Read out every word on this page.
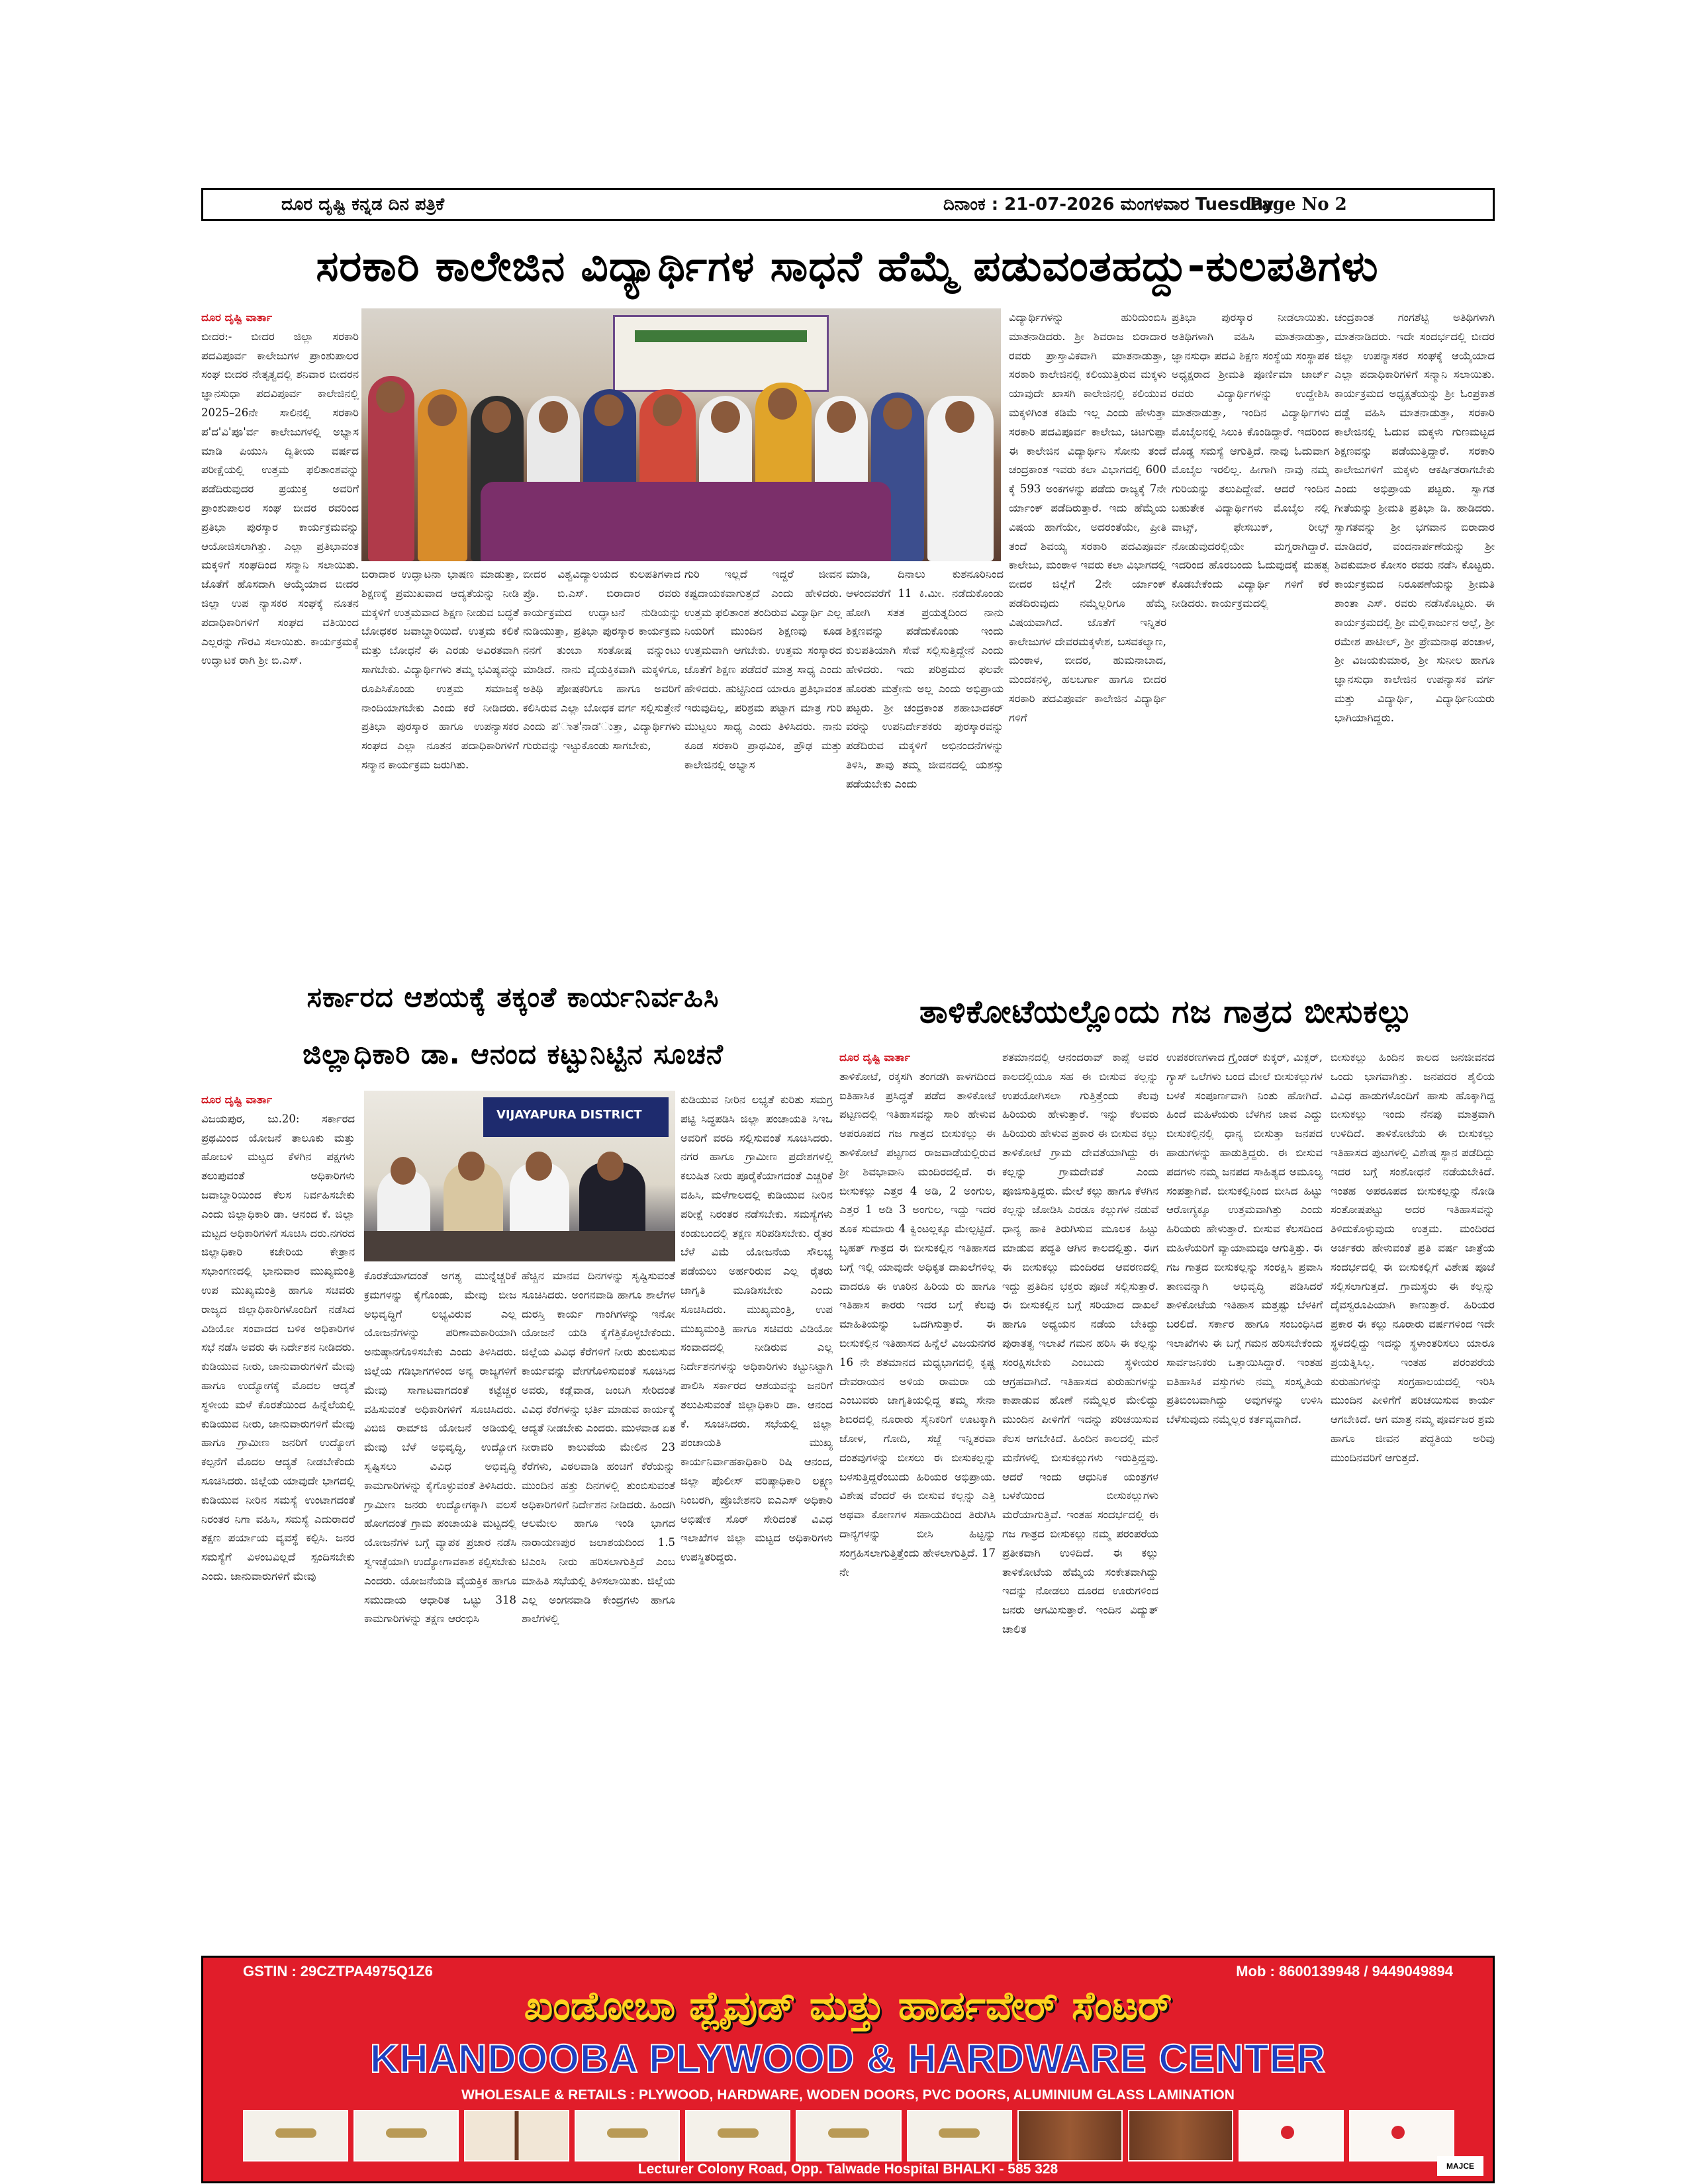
ದೂರ ದೃಷ್ಟಿ ಕನ್ನಡ ದಿನ ಪತ್ರಿಕೆ	ದಿನಾಂಕ : 21-07-2026 ಮಂಗಳವಾರ Tuesday
Page No 2
ಸರಕಾರಿ ಕಾಲೇಜಿನ ವಿದ್ಯಾರ್ಥಿಗಳ ಸಾಧನೆ ಹೆಮ್ಮೆ ಪಡುವಂತಹದ್ದು-ಕುಲಪತಿಗಳು
ದೂರ ದೃಷ್ಟಿ ವಾರ್ತಾ
ಬೀದರ:- ಬೀದರ ಜಿಲ್ಲಾ ಸರಕಾರಿ ಪದವಿಪೂರ್ವ ಕಾಲೇಜುಗಳ ಪ್ರಾಂಶುಪಾಲರ ಸಂಘ ಬೀದರ ನೇತೃತ್ವದಲ್ಲಿ ಶನಿವಾರ ಬೀದರನ ಜ್ಞಾನಸುಧಾ ಪದವಿಪೂರ್ವ ಕಾಲೇಜಿನಲ್ಲಿ 2025–26ನೇ ಸಾಲಿನಲ್ಲಿ ಸರಕಾರಿ ಪ'ದ'ವಿ'ಪೂ'ರ್ವ ಕಾಲೇಜುಗಳಲ್ಲಿ ಅಭ್ಯಾಸ ಮಾಡಿ ಪಿಯುಸಿ ದ್ವಿತೀಯ ವರ್ಷದ ಪರೀಕ್ಷೆಯಲ್ಲಿ ಉತ್ತಮ ಫಲಿತಾಂಶವನ್ನು ಪಡೆದಿರುವುದರ ಪ್ರಯುಕ್ತ ಅವರಿಗೆ ಪ್ರಾಂಶುಪಾಲರ ಸಂಘ ಬೀದರ ರವರಿಂದ ಪ್ರತಿಭಾ ಪುರಸ್ಕಾರ ಕಾರ್ಯಕ್ರಮವನ್ನು ಆಯೋಜಿಸಲಾಗಿತ್ತು. ಎಲ್ಲಾ ಪ್ರತಿಭಾವಂತ ಮಕ್ಕಳಿಗೆ ಸಂಘದಿಂದ ಸನ್ಮಾನಿ ಸಲಾಯಿತು. ಜೊತೆಗೆ ಹೊಸದಾಗಿ ಆಯ್ಕೆಯಾದ ಬೀದರ ಜಿಲ್ಲಾ ಉಪ ನ್ಯಾಸಕರ ಸಂಘಕ್ಕೆ ನೂತನ ಪದಾಧಿಕಾರಿಗಳಿಗೆ ಸಂಘದ ವತಿಯಿಂದ ಎಲ್ಲರನ್ನು ಗೌರವಿ ಸಲಾಯಿತು. ಕಾರ್ಯಕ್ರಮಕ್ಕೆ ಉದ್ಘಾಟಕ ರಾಗಿ ಶ್ರೀ ಬಿ.ಎಸ್.
ಬಿರಾದಾರ ಉದ್ಘಾಟನಾ ಭಾಷಣ ಮಾಡುತ್ತಾ, ಶಿಕ್ಷಣಕ್ಕೆ ಪ್ರಮುಖವಾದ ಆದ್ಯತೆಯನ್ನು ನೀಡಿ ಮಕ್ಕಳಿಗೆ ಉತ್ತಮವಾದ ಶಿಕ್ಷಣ ನೀಡುವ ಬದ್ಧತೆ ಬೋಧಕರ ಜವಾಬ್ದಾರಿಯಿದೆ. ಉತ್ತಮ ಕಲಿಕೆ ಮತ್ತು ಬೋಧನೆ ಈ ಎರಡು ಅವಿರತವಾಗಿ ಸಾಗಬೇಕು. ವಿದ್ಯಾರ್ಥಿಗಳು ತಮ್ಮ ಭವಿಷ್ಯವನ್ನು ರೂಪಿಸಿಕೊಂಡು ಉತ್ತಮ ಸಮಾಜಕ್ಕೆ ನಾಂದಿಯಾಗಬೇಕು ಎಂದು ಕರೆ ನೀಡಿದರು. ಪ್ರತಿಭಾ ಪುರಸ್ಕಾರ ಹಾಗೂ ಉಪನ್ಯಾಸಕರ ಸಂಘದ ಎಲ್ಲಾ ನೂತನ ಪದಾಧಿಕಾರಿಗಳಿಗೆ ಸನ್ಮಾನ ಕಾರ್ಯಕ್ರಮ ಜರುಗಿತು.
ಬೀದರ ವಿಶ್ವವಿದ್ಯಾಲಯದ ಕುಲಪತಿಗಳಾದ ಪ್ರೊ. ಬಿ.ಎಸ್. ಬಿರಾದಾರ ರವರು ಕಾರ್ಯಕ್ರಮದ ಉದ್ಘಾಟನೆ ನುಡಿಯನ್ನು ನುಡಿಯುತ್ತಾ, ಪ್ರತಿಭಾ ಪುರಸ್ಕಾರ ಕಾರ್ಯಕ್ರಮ ನನಗೆ ತುಂಬಾ ಸಂತೋಷ ವನ್ನುಂಟು ಮಾಡಿದೆ. ನಾನು ವೈಯಕ್ತಿಕವಾಗಿ ಮಕ್ಕಳಿಗೂ, ಅತಿಥಿ ಪೋಷಕರಿಗೂ ಹಾಗೂ ಅವರಿಗೆ ಕಲಿಸಿರುವ ಎಲ್ಲಾ ಬೋಧಕ ವರ್ಗ ಸಲ್ಲಿಸುತ್ತೇನೆ ಎಂದು ಪ'ಾತ'ನಾಡ'ುತ್ತಾ, ವಿದ್ಯಾರ್ಥಿಗಳು ಗುರುವನ್ನು ಇಟ್ಟುಕೊಂಡು ಸಾಗಬೇಕು,
ಗುರಿ ಇಲ್ಲದೆ ಇದ್ದರೆ ಜೀವನ ಕಷ್ಟದಾಯಕವಾಗುತ್ತದೆ ಎಂದು ಹೇಳಿದರು. ಉತ್ತಮ ಫಲಿತಾಂಶ ತಂದಿರುವ ವಿದ್ಯಾರ್ಥಿ ಎಲ್ಲ ನಿಯರಿಗೆ ಮುಂದಿನ ಶಿಕ್ಷಣವು ಕೂಡ ಉತ್ತಮವಾಗಿ ಆಗಬೇಕು. ಉತ್ತಮ ಸಂಸ್ಕಾರದ ಜೊತೆಗೆ ಶಿಕ್ಷಣ ಪಡೆದರೆ ಮಾತ್ರ ಸಾಧ್ಯ ಎಂದು ಹೇಳಿದರು. ಹುಟ್ಟಿನಿಂದ ಯಾರೂ ಪ್ರತಿಭಾವಂತ ಇರುವುದಿಲ್ಲ, ಪರಿಶ್ರಮ ಪಟ್ಟಾಗ ಮಾತ್ರ ಗುರಿ ಮುಟ್ಟಲು ಸಾಧ್ಯ ಎಂದು ತಿಳಿಸಿದರು. ನಾನು ಕೂಡ ಸರಕಾರಿ ಪ್ರಾಥಮಿಕ, ಪ್ರೌಢ ಮತ್ತು ಕಾಲೇಜಿನಲ್ಲಿ ಅಭ್ಯಾಸ
ಮಾಡಿ, ದಿನಾಲು ಕುಶನೂರಿನಿಂದ ಆಳಂದವರೆಗೆ 11 ಕಿ.ಮೀ. ನಡೆದುಕೊಂಡು ಹೋಗಿ ಸತತ ಪ್ರಯತ್ನದಿಂದ ನಾನು ಶಿಕ್ಷಣವನ್ನು ಪಡೆದುಕೊಂಡು ಇಂದು ಕುಲಪತಿಯಾಗಿ ಸೇವೆ ಸಲ್ಲಿಸುತ್ತಿದ್ದೇನೆ ಎಂದು ಹೇಳಿದರು. ಇದು ಪರಿಶ್ರಮದ ಫಲವೇ ಹೊರತು ಮತ್ತೇನು ಅಲ್ಲ ಎಂದು ಅಭಿಪ್ರಾಯ ಪಟ್ಟರು. ಶ್ರೀ ಚಂದ್ರಕಾಂತ ಶಹಾಬಾದಕರ್ ವರನ್ನು ಉಪನಿರ್ದೇಶಕರು ಪುರಸ್ಕಾರವನ್ನು ಪಡೆದಿರುವ ಮಕ್ಕಳಿಗೆ ಅಭಿನಂದನೆಗಳನ್ನು ತಿಳಿಸಿ, ತಾವು ತಮ್ಮ ಜೀವನದಲ್ಲಿ ಯಶಸ್ಸು ಪಡೆಯಬೇಕು ಎಂದು
ವಿದ್ಯಾರ್ಥಿಗಳನ್ನು ಹುರಿದುಂಬಿಸಿ ಮಾತನಾಡಿದರು. ಶ್ರೀ ಶಿವರಾಜ ಬಿರಾದಾರ ರವರು ಪ್ರಾಸ್ತಾವಿಕವಾಗಿ ಮಾತನಾಡುತ್ತಾ, ಸರಕಾರಿ ಕಾಲೇಜಿನಲ್ಲಿ ಕಲಿಯುತ್ತಿರುವ ಮಕ್ಕಳು ಯಾವುದೇ ಖಾಸಗಿ ಕಾಲೇಜಿನಲ್ಲಿ ಕಲಿಯುವ ಮಕ್ಕಳಿಗಿಂತ ಕಡಿಮೆ ಇಲ್ಲ ಎಂದು ಹೇಳುತ್ತಾ ಸರಕಾರಿ ಪದವಿಪೂರ್ವ ಕಾಲೇಜು, ಚಿಟಗುಪ್ಪಾ ಈ ಕಾಲೇಜಿನ ವಿದ್ಯಾರ್ಥಿನಿ ಸೋನು ತಂದೆ ಚಂದ್ರಕಾಂತ ಇವರು ಕಲಾ ವಿಭಾಗದಲ್ಲಿ 600 ಕ್ಕೆ 593 ಅಂಕಗಳನ್ನು ಪಡೆದು ರಾಜ್ಯಕ್ಕೆ 7ನೇ ರ್ಯಾಂಕ್ ಪಡೆದಿರುತ್ತಾರೆ. ಇದು ಹೆಮ್ಮೆಯ ವಿಷಯ ಹಾಗೆಯೇ, ಅದರಂತೆಯೇ, ಪ್ರೀತಿ ತಂದೆ ಶಿವಯ್ಯ ಸರಕಾರಿ ಪದವಿಪೂರ್ವ ಕಾಲೇಜು, ಮಂಠಾಳ ಇವರು ಕಲಾ ವಿಭಾಗದಲ್ಲಿ ಬೀದರ ಜಿಲ್ಲೆಗೆ 2ನೇ ರ್ಯಾಂಕ್ ಪಡೆದಿರುವುದು ನಮ್ಮೆಲ್ಲರಿಗೂ ಹೆಮ್ಮೆ ವಿಷಯವಾಗಿದೆ. ಜೊತೆಗೆ ಇನ್ನಿತರ ಕಾಲೇಜುಗಳ ದೇವರಮಕ್ಕಳೇಶ, ಬಸವಕಲ್ಯಾಣ, ಮಂಠಾಳ, ಬೀದರ, ಹುಮನಾಬಾದ, ಮಂದಕನಳ್ಳಿ, ಹಲಬರ್ಗಾ ಹಾಗೂ ಬೀದರ ಸರಕಾರಿ ಪದವಿಪೂರ್ವ ಕಾಲೇಜಿನ ವಿದ್ಯಾರ್ಥಿ ಗಳಿಗೆ
ಪ್ರತಿಭಾ ಪುರಸ್ಕಾರ ನೀಡಲಾಯಿತು. ಅತಿಥಿಗಳಾಗಿ ವಹಿಸಿ ಮಾತನಾಡುತ್ತಾ, ಜ್ಞಾನಸುಧಾ ಪದವಿ ಶಿಕ್ಷಣ ಸಂಸ್ಥೆಯ ಸಂಸ್ಥಾಪಕ ಅಧ್ಯಕ್ಷರಾದ ಶ್ರೀಮತಿ ಪೂರ್ಣಿಮಾ ಜಾರ್ಜ್ ರವರು ವಿದ್ಯಾರ್ಥಿಗಳನ್ನು ಉದ್ದೇಶಿಸಿ ಮಾತನಾಡುತ್ತಾ, ಇಂದಿನ ವಿದ್ಯಾರ್ಥಿಗಳು ಮೊಬೈಲನಲ್ಲಿ ಸಿಲುಕಿ ಕೊಂಡಿದ್ದಾರೆ. ಇದರಿಂದ ದೊಡ್ಡ ಸಮಸ್ಯೆ ಆಗುತ್ತಿದೆ. ನಾವು ಓದುವಾಗ ಮೊಬೈಲ ಇರಲಿಲ್ಲ. ಹೀಗಾಗಿ ನಾವು ನಮ್ಮ ಗುರಿಯನ್ನು ತಲುಪಿದ್ದೇವೆ. ಆದರೆ ಇಂದಿನ ಬಹುತೇಕ ವಿದ್ಯಾರ್ಥಿಗಳು ಮೊಬೈಲ ನಲ್ಲಿ ವಾಟ್ಸ್, ಫೇಸಬುಕ್, ರೀಲ್ಸ್ ನೋಡುವುದರಲ್ಲಿಯೇ ಮಗ್ನರಾಗಿದ್ದಾರೆ. ಇದರಿಂದ ಹೊರಬಂದು ಓದುವುದಕ್ಕೆ ಮಹತ್ವ ಕೊಡಬೇಕೆಂದು ವಿದ್ಯಾರ್ಥಿ ಗಳಿಗೆ ಕರೆ ನೀಡಿದರು. ಕಾರ್ಯಕ್ರಮದಲ್ಲಿ
ಚಂದ್ರಕಾಂತ ಗಂಗಶೆಟ್ಟಿ ಅತಿಥಿಗಳಾಗಿ ಮಾತನಾಡಿದರು. ಇದೇ ಸಂದರ್ಭದಲ್ಲಿ ಬೀದರ ಜಿಲ್ಲಾ ಉಪನ್ಯಾಸಕರ ಸಂಘಕ್ಕೆ ಆಯ್ಕೆಯಾದ ಎಲ್ಲಾ ಪದಾಧಿಕಾರಿಗಳಿಗೆ ಸನ್ಮಾನಿ ಸಲಾಯಿತು. ಕಾರ್ಯಕ್ರಮದ ಅಧ್ಯಕ್ಷತೆಯನ್ನು ಶ್ರೀ ಓಂಪ್ರಕಾಶ ದಡ್ಡೆ ವಹಿಸಿ ಮಾತನಾಡುತ್ತಾ, ಸರಕಾರಿ ಕಾಲೇಜಿನಲ್ಲಿ ಓದುವ ಮಕ್ಕಳು ಗುಣಮಟ್ಟದ ಶಿಕ್ಷಣವನ್ನು ಪಡೆಯುತ್ತಿದ್ದಾರೆ. ಸರಕಾರಿ ಕಾಲೇಜುಗಳಿಗೆ ಮಕ್ಕಳು ಆಕರ್ಷಿತರಾಗಬೇಕು ಎಂದು ಅಭಿಪ್ರಾಯ ಪಟ್ಟರು. ಸ್ವಾಗತ ಗೀತೆಯನ್ನು ಶ್ರೀಮತಿ ಪ್ರತಿಭಾ ಡಿ. ಹಾಡಿದರು. ಸ್ವಾಗತವನ್ನು ಶ್ರೀ ಭಗವಾನ ಬಿರಾದಾರ ಮಾಡಿದರೆ, ವಂದನಾರ್ಪಣೆಯನ್ನು ಶ್ರೀ ಶಿವಕುಮಾರ ಕೋಸಂ ರವರು ನಡೆಸಿ ಕೊಟ್ಟರು. ಕಾರ್ಯಕ್ರಮದ ನಿರೂಪಣೆಯನ್ನು ಶ್ರೀಮತಿ ಶಾಂತಾ ಎಸ್. ರವರು ನಡೆಸಿಕೊಟ್ಟರು. ಈ ಕಾರ್ಯಕ್ರಮದಲ್ಲಿ ಶ್ರೀ ಮಲ್ಲಿಕಾರ್ಜುನ ಅಲ್ಲೆ, ಶ್ರೀ ರಮೇಶ ಪಾಟೀಲ್, ಶ್ರೀ ಪ್ರೇಮನಾಥ ಪಂಚಾಳ, ಶ್ರೀ ವಿಜಯಕುಮಾರ, ಶ್ರೀ ಸುನೀಲ ಹಾಗೂ ಜ್ಞಾನಸುಧಾ ಕಾಲೇಜಿನ ಉಪನ್ಯಾಸಕ ವರ್ಗ ಮತ್ತು ವಿದ್ಯಾರ್ಥಿ, ವಿದ್ಯಾರ್ಥಿನಿಯರು ಭಾಗಿಯಾಗಿದ್ದರು.
ಸರ್ಕಾರದ ಆಶಯಕ್ಕೆ ತಕ್ಕಂತೆ ಕಾರ್ಯನಿರ್ವಹಿಸಿ
ಜಿಲ್ಲಾಧಿಕಾರಿ ಡಾ. ಆನಂದ ಕಟ್ಟುನಿಟ್ಟಿನ ಸೂಚನೆ
ದೂರ ದೃಷ್ಟಿ ವಾರ್ತಾ
ವಿಜಯಪುರ, ಜು.20: ಸರ್ಕಾರದ ಪ್ರಥಮಿಂದ ಯೋಜನೆ ತಾಲೂಕು ಮತ್ತು ಹೋಬಳಿ ಮಟ್ಟದ ಕೆಳಗಿನ ಪಕ್ಷಗಳು ತಲುಪುವಂತೆ ಅಧಿಕಾರಿಗಳು ಜವಾಬ್ದಾರಿಯಿಂದ ಕೆಲಸ ನಿರ್ವಹಿಸಬೇಕು ಎಂದು ಜಿಲ್ಲಾಧಿಕಾರಿ ಡಾ. ಆನಂದ ಕೆ. ಜಿಲ್ಲಾ ಮಟ್ಟದ ಅಧಿಕಾರಿಗಳಿಗೆ ಸೂಚಿಸಿ ದರು.ನಗರದ ಜಿಲ್ಲಾಧಿಕಾರಿ ಕಚೇರಿಯ ಕೇತ್ರಾನ ಸಭಾಂಗಣದಲ್ಲಿ ಭಾನುವಾರ ಮುಖ್ಯಮಂತ್ರಿ ಉಪ ಮುಖ್ಯಮಂತ್ರಿ ಹಾಗೂ ಸಚಿವರು ರಾಜ್ಯದ ಜಿಲ್ಲಾಧಿಕಾರಿಗಳೊಂದಿಗೆ ನಡೆಸಿದ ವಿಡಿಯೋ ಸಂವಾದದ ಬಳಿಕ ಅಧಿಕಾರಿಗಳ ಸಭೆ ನಡೆಸಿ ಅವರು ಈ ನಿರ್ದೇಶನ ನೀಡಿದರು. ಕುಡಿಯುವ ನೀರು, ಜಾನುವಾರುಗಳಿಗೆ ಮೇವು ಹಾಗೂ ಉದ್ಯೋಗಕ್ಕೆ ಮೊದಲ ಆದ್ಯತೆ ಸ್ಥಳೀಯ ಮಳೆ ಕೊರತೆಯಿಂದ ಹಿನ್ನೆಲೆಯಲ್ಲಿ ಕುಡಿಯುವ ನೀರು, ಜಾನುವಾರುಗಳಿಗೆ ಮೇವು ಹಾಗೂ ಗ್ರಾಮೀಣ ಜನರಿಗೆ ಉದ್ಯೋಗ ಕಲ್ಪನೆಗೆ ಮೊದಲ ಆದ್ಯತೆ ನೀಡಬೇಕೆಂದು ಸೂಚಿಸಿದರು. ಜಿಲ್ಲೆಯ ಯಾವುದೇ ಭಾಗದಲ್ಲಿ ಕುಡಿಯುವ ನೀರಿನ ಸಮಸ್ಯೆ ಉಂಟಾಗದಂತೆ ನಿರಂತರ ನಿಗಾ ವಹಿಸಿ, ಸಮಸ್ಯೆ ಎದುರಾದರೆ ತಕ್ಷಣ ಪರ್ಯಾಯ ವ್ಯವಸ್ಥೆ ಕಲ್ಪಿಸಿ. ಜನರ ಸಮಸ್ಯೆಗೆ ವಿಳಂಬವಿಲ್ಲದೆ ಸ್ಪಂದಿಸಬೇಕು ಎಂದು. ಜಾನುವಾರುಗಳಿಗೆ ಮೇವು
VIJAYAPURA DISTRICT
ಕೊರತೆಯಾಗದಂತೆ ಅಗತ್ಯ ಮುನ್ನೆಚ್ಚರಿಕೆ ಕ್ರಮಗಳನ್ನು ಕೈಗೊಂಡು, ಮೇವು ಬೀಜ ಅಭಿವೃದ್ಧಿಗೆ ಲಭ್ಯವಿರುವ ಎಲ್ಲ ಯೋಜನೆಗಳನ್ನು ಪರಿಣಾಮಕಾರಿಯಾಗಿ ಅನುಷ್ಠಾನಗೊಳಿಸಬೇಕು ಎಂದು ತಿಳಿಸಿದರು. ಜಿಲ್ಲೆಯ ಗಡಿಭಾಗಗಳಿಂದ ಅನ್ಯ ರಾಜ್ಯಗಳಿಗೆ ಮೇವು ಸಾಗಾಟವಾಗದಂತೆ ಕಟ್ಟೆಚ್ಚರ ವಹಿಸುವಂತೆ ಅಧಿಕಾರಿಗಳಿಗೆ ಸೂಚಿಸಿದರು. ವಿಬಿಜಿ ರಾಮ್‌ಜಿ ಯೋಜನೆ ಅಡಿಯಲ್ಲಿ ಮೇವು ಬೆಳೆ ಅಭಿವೃದ್ಧಿ, ಉದ್ಯೋಗ ಸೃಷ್ಟಿಸಲು ವಿವಿಧ ಅಭಿವೃದ್ಧಿ ಕಾಮಗಾರಿಗಳನ್ನು ಕೈಗೊಳ್ಳುವಂತೆ ತಿಳಿಸಿದರು. ಗ್ರಾಮೀಣ ಜನರು ಉದ್ಯೋಗಕ್ಕಾಗಿ ವಲಸೆ ಹೋಗದಂತೆ ಗ್ರಾಮ ಪಂಚಾಯತಿ ಮಟ್ಟದಲ್ಲಿ ಯೋಜನೆಗಳ ಬಗ್ಗೆ ವ್ಯಾಪಕ ಪ್ರಚಾರ ನಡೆಸಿ ಸ್ವಇಚ್ಛೆಯಾಗಿ ಉದ್ಯೋಗಾವಕಾಶ ಕಲ್ಪಿಸಬೇಕು ಎಂದರು. ಯೋಜನೆಯಡಿ ವೈಯಕ್ತಿಕ ಹಾಗೂ ಸಮುದಾಯ ಆಧಾರಿತ ಒಟ್ಟು 318 ಕಾಮಗಾರಿಗಳನ್ನು ತಕ್ಷಣ ಆರಂಭಿಸಿ
ಹೆಚ್ಚಿನ ಮಾನವ ದಿನಗಳನ್ನು ಸೃಷ್ಟಿಸುವಂತೆ ಸೂಚಿಸಿದರು. ಅಂಗನವಾಡಿ ಹಾಗೂ ಶಾಲೆಗಳ ದುರಸ್ತಿ ಕಾರ್ಯ ಗಾಂಗಿಗಳನ್ನು ಇನೋ ಯೋಜನೆ ಯಡಿ ಕೈಗೆತ್ತಿಕೊಳ್ಳಬೇಕೆಂದು. ಜಿಲ್ಲೆಯ ವಿವಿಧ ಕೆರೆಗಳಿಗೆ ನೀರು ತುಂಬಿಸುವ ಕಾರ್ಯವನ್ನು ವೇಗಗೊಳಿಸುವಂತೆ ಸೂಚಿಸಿದ ಅವರು, ಕಡ್ಲೆವಾಡ, ಜಂಬಗಿ ಸೇರಿದಂತೆ ವಿವಿಧ ಕೆರೆಗಳನ್ನು ಭರ್ತಿ ಮಾಡುವ ಕಾರ್ಯಕ್ಕೆ ಆದ್ಯತೆ ನೀಡಬೇಕು ಎಂದರು. ಮುಳವಾಡ ಏತ ನೀರಾವರಿ ಕಾಲುವೆಯ ಮೇಲಿನ 23 ಕೆರೆಗಳು, ವಿಠಲವಾಡಿ ಹಂಚಿಗೆ ಕೆರೆಯನ್ನು ಮುಂದಿನ ಹತ್ತು ದಿನಗಳಲ್ಲಿ ತುಂಬಿಸುವಂತೆ ಅಧಿಕಾರಿಗಳಿಗೆ ನಿರ್ದೇಶನ ನೀಡಿದರು. ಹಿಂದಗಿ ಆಲಮೇಲ ಹಾಗೂ ಇಂಡಿ ಭಾಗದ ನಾರಾಯಣಪುರ ಜಲಾಶಯದಿಂದ 1.5 ಟಿಎಂಸಿ ನೀರು ಹರಿಸಲಾಗುತ್ತಿದೆ ಎಂಬ ಮಾಹಿತಿ ಸಭೆಯಲ್ಲಿ ತಿಳಿಸಲಾಯಿತು. ಜಿಲ್ಲೆಯ ಎಲ್ಲ ಅಂಗನವಾಡಿ ಕೇಂದ್ರಗಳು ಹಾಗೂ ಶಾಲೆಗಳಲ್ಲಿ
ಕುಡಿಯುವ ನೀರಿನ ಲಭ್ಯತೆ ಕುರಿತು ಸಮಗ್ರ ಪಟ್ಟಿ ಸಿದ್ಧಪಡಿಸಿ ಜಿಲ್ಲಾ ಪಂಚಾಯತಿ ಸಿಇಒ ಅವರಿಗೆ ವರದಿ ಸಲ್ಲಿಸುವಂತೆ ಸೂಚಿಸಿದರು. ನಗರ ಹಾಗೂ ಗ್ರಾಮೀಣ ಪ್ರದೇಶಗಳಲ್ಲಿ ಕಲುಷಿತ ನೀರು ಪೂರೈಕೆಯಾಗದಂತೆ ಎಚ್ಚರಿಕೆ ವಹಿಸಿ, ಮಳೆಗಾಲದಲ್ಲಿ ಕುಡಿಯುವ ನೀರಿನ ಪರೀಕ್ಷೆ ನಿರಂತರ ನಡೆಸಬೇಕು. ಸಮಸ್ಯೆಗಳು ಕಂಡುಬಂದಲ್ಲಿ ತಕ್ಷಣ ಸರಿಪಡಿಸಬೇಕು. ರೈತರ ಬೆಳೆ ವಿಮೆ ಯೋಜನೆಯ ಸೌಲಭ್ಯ ಪಡೆಯಲು ಅರ್ಹರಿರುವ ಎಲ್ಲ ರೈತರು ಜಾಗೃತಿ ಮೂಡಿಸಬೇಕು ಎಂದು ಸೂಚಿಸಿದರು. ಮುಖ್ಯಮಂತ್ರಿ, ಉಪ ಮುಖ್ಯಮಂತ್ರಿ ಹಾಗೂ ಸಚಿವರು ವಿಡಿಯೋ ಸಂವಾದದಲ್ಲಿ ನೀಡಿರುವ ಎಲ್ಲ ನಿರ್ದೇಶನಗಳನ್ನು ಅಧಿಕಾರಿಗಳು ಕಟ್ಟುನಿಟ್ಟಾಗಿ ಪಾಲಿಸಿ ಸರ್ಕಾರದ ಆಶಯವನ್ನು ಜನರಿಗೆ ತಲುಪಿಸುವಂತೆ ಜಿಲ್ಲಾಧಿಕಾರಿ ಡಾ. ಆನಂದ ಕೆ. ಸೂಚಿಸಿದರು. ಸಭೆಯಲ್ಲಿ ಜಿಲ್ಲಾ ಪಂಚಾಯತಿ ಮುಖ್ಯ ಕಾರ್ಯನಿರ್ವಾಹಕಾಧಿಕಾರಿ ರಿಷಿ ಆನಂದ, ಜಿಲ್ಲಾ ಪೊಲೀಸ್ ವರಿಷ್ಠಾಧಿಕಾರಿ ಲಕ್ಷ್ಮಣ ನಿಂಬರಗಿ, ಪ್ರೊಬೇಶನರಿ ಐಎಎಸ್ ಅಧಿಕಾರಿ ಅಭಿಷೇಕ ಸೊರ್ ಸೇರಿದಂತೆ ವಿವಿಧ ಇಲಾಖೆಗಳ ಜಿಲ್ಲಾ ಮಟ್ಟದ ಅಧಿಕಾರಿಗಳು ಉಪಸ್ಥಿತರಿದ್ದರು.
ತಾಳಿಕೋಟೆಯಲ್ಲೊಂದು ಗಜ ಗಾತ್ರದ ಬೀಸುಕಲ್ಲು
ದೂರ ದೃಷ್ಟಿ ವಾರ್ತಾ
ತಾಳಿಕೋಟೆ, ರಕ್ಕಸಗಿ ತಂಗಡಗಿ ಕಾಳಗದಿಂದ ಐತಿಹಾಸಿಕ ಪ್ರಸಿದ್ಧತೆ ಪಡೆದ ತಾಳಿಕೋಟೆ ಪಟ್ಟಣದಲ್ಲಿ ಇತಿಹಾಸವನ್ನು ಸಾರಿ ಹೇಳುವ ಅಪರೂಪದ ಗಜ ಗಾತ್ರದ ಬೀಸುಕಲ್ಲು ಈ ತಾಳಿಕೋಟೆ ಪಟ್ಟಣದ ರಾಜವಾಡೆಯಲ್ಲಿರುವ ಶ್ರೀ ಶಿವಭಾವಾನಿ ಮಂದಿರದಲ್ಲಿದೆ. ಈ ಬೀಸುಕಲ್ಲು ಎತ್ತರ 4 ಅಡಿ, 2 ಅಂಗುಲ, ಎತ್ತರ 1 ಅಡಿ 3 ಅಂಗುಲ, ಇದ್ದು ಇದರ ತೂಕ ಸುಮಾರು 4 ಕ್ವಿಂಟಲ್ಲಕ್ಕೂ ಮೇಲ್ಪಟ್ಟಿದೆ. ಬೃಹತ್ ಗಾತ್ರದ ಈ ಬೀಸುಕಲ್ಲಿನ ಇತಿಹಾಸದ ಬಗ್ಗೆ ಇಲ್ಲಿ ಯಾವುದೇ ಅಧಿಕೃತ ದಾಖಲೆಗಳಿಲ್ಲ ವಾದರೂ ಈ ಊರಿನ ಹಿರಿಯ ರು ಹಾಗೂ ಇತಿಹಾಸ ಕಾರರು ಇದರ ಬಗ್ಗೆ ಕೆಲವು ಮಾಹಿತಿಯನ್ನು ಒದಗಿಸುತ್ತಾರೆ. ಈ ಬೀಸುಕಲ್ಲಿನ ಇತಿಹಾಸದ ಹಿನ್ನೆಲೆ ವಿಜಯನಗರ 16 ನೇ ಶತಮಾನದ ಮಧ್ಯಭಾಗದಲ್ಲಿ ಕೃಷ್ಣ ದೇವರಾಯನ ಅಳಿಯ ರಾಮರಾ ಯ ಎಂಬುವರು ಜಾಗೃತಿಯಲ್ಲಿದ್ದ ತಮ್ಮ ಸೇನಾ ಶಿಬಿರದಲ್ಲಿ ನೂರಾರು ಸೈನಿಕರಿಗೆ ಊಟಕ್ಕಾಗಿ ಜೋಳ, ಗೋದಿ, ಸಜ್ಜೆ ಇನ್ನಿತರವಾ ದಂತವುಗಳನ್ನು ಬೀಸಲು ಈ ಬೀಸುಕಲ್ಲನ್ನು ಬಳಸುತ್ತಿದ್ದರೆಂಬುದು ಹಿರಿಯರ ಅಭಿಪ್ರಾಯ. ವಿಶೇಷ ವೆಂದರೆ ಈ ಬೀಸುವ ಕಲ್ಲನ್ನು ಎತ್ತಿ ಅಥವಾ ಕೋಣಗಳ ಸಹಾಯದಿಂದ ತಿರುಗಿಸಿ ದಾನ್ಯಗಳನ್ನು ಬೀಸಿ ಹಿಟ್ಟನ್ನು ಸಂಗ್ರಹಿಸಲಾಗುತ್ತಿತ್ತೆಂದು ಹೇಳಲಾಗುತ್ತಿದೆ. 17 ನೇ
ಶತಮಾನದಲ್ಲಿ ಆನಂದರಾವ್ ಕಾಪ್ಸೆ ಅವರ ಕಾಲದಲ್ಲಿಯೂ ಸಹ ಈ ಬೀಸುವ ಕಲ್ಲನ್ನು ಉಪಯೋಗಿಸಲಾ ಗುತ್ತಿತ್ತೆಂದು ಕೆಲವು ಹಿರಿಯರು ಹೇಳುತ್ತಾರೆ. ಇನ್ನು ಕೆಲವರು ಹಿರಿಯರು ಹೇಳುವ ಪ್ರಕಾರ ಈ ಬೀಸುವ ಕಲ್ಲು ತಾಳಿಕೋಟೆ ಗ್ರಾಮ ದೇವತೆಯಾಗಿದ್ದು ಈ ಕಲ್ಲನ್ನು ಗ್ರಾಮದೇವತೆ ಎಂದು ಪೂಜಿಸುತ್ತಿದ್ದರು. ಮೇಲೆ ಕಲ್ಲು ಹಾಗೂ ಕೆಳಗಿನ ಕಲ್ಲನ್ನು ಜೋಡಿಸಿ ಎರಡೂ ಕಲ್ಲುಗಳ ನಡುವೆ ಧಾನ್ಯ ಹಾಕಿ ತಿರುಗಿಸುವ ಮೂಲಕ ಹಿಟ್ಟು ಮಾಡುವ ಪದ್ಧತಿ ಆಗಿನ ಕಾಲದಲ್ಲಿತ್ತು. ಈಗ ಈ ಬೀಸುಕಲ್ಲು ಮಂದಿರದ ಆವರಣದಲ್ಲಿ ಇದ್ದು ಪ್ರತಿದಿನ ಭಕ್ತರು ಪೂಜೆ ಸಲ್ಲಿಸುತ್ತಾರೆ. ಈ ಬೀಸುಕಲ್ಲಿನ ಬಗ್ಗೆ ಸರಿಯಾದ ದಾಖಲೆ ಹಾಗೂ ಅಧ್ಯಯನ ನಡೆಯ ಬೇಕಿದ್ದು ಪುರಾತತ್ವ ಇಲಾಖೆ ಗಮನ ಹರಿಸಿ ಈ ಕಲ್ಲನ್ನು ಸಂರಕ್ಷಿಸಬೇಕು ಎಂಬುದು ಸ್ಥಳೀಯರ ಆಗ್ರಹವಾಗಿದೆ. ಇತಿಹಾಸದ ಕುರುಹುಗಳನ್ನು ಕಾಪಾಡುವ ಹೊಣೆ ನಮ್ಮೆಲ್ಲರ ಮೇಲಿದ್ದು ಮುಂದಿನ ಪೀಳಿಗೆಗೆ ಇದನ್ನು ಪರಿಚಯಿಸುವ ಕೆಲಸ ಆಗಬೇಕಿದೆ. ಹಿಂದಿನ ಕಾಲದಲ್ಲಿ ಮನೆ ಮನೆಗಳಲ್ಲಿ ಬೀಸುಕಲ್ಲುಗಳು ಇರುತ್ತಿದ್ದವು. ಆದರೆ ಇಂದು ಆಧುನಿಕ ಯಂತ್ರಗಳ ಬಳಕೆಯಿಂದ ಬೀಸುಕಲ್ಲುಗಳು ಮರೆಯಾಗುತ್ತಿವೆ. ಇಂತಹ ಸಂದರ್ಭದಲ್ಲಿ ಈ ಗಜ ಗಾತ್ರದ ಬೀಸುಕಲ್ಲು ನಮ್ಮ ಪರಂಪರೆಯ ಪ್ರತೀಕವಾಗಿ ಉಳಿದಿದೆ. ಈ ಕಲ್ಲು ತಾಳಿಕೋಟೆಯ ಹೆಮ್ಮೆಯ ಸಂಕೇತವಾಗಿದ್ದು ಇದನ್ನು ನೋಡಲು ದೂರದ ಊರುಗಳಿಂದ ಜನರು ಆಗಮಿಸುತ್ತಾರೆ. ಇಂದಿನ ವಿದ್ಯುತ್ ಚಾಲಿತ
ಉಪಕರಣಗಳಾದ ಗ್ರೈಂಡರ್ ಕುಕ್ಕರ್, ಮಿಕ್ಸರ್, ಗ್ಯಾಸ್ ಒಲೆಗಳು ಬಂದ ಮೇಲೆ ಬೀಸುಕಲ್ಲುಗಳ ಬಳಕೆ ಸಂಪೂರ್ಣವಾಗಿ ನಿಂತು ಹೋಗಿದೆ. ಹಿಂದೆ ಮಹಿಳೆಯರು ಬೆಳಗಿನ ಜಾವ ಎದ್ದು ಬೀಸುಕಲ್ಲಿನಲ್ಲಿ ಧಾನ್ಯ ಬೀಸುತ್ತಾ ಜನಪದ ಹಾಡುಗಳನ್ನು ಹಾಡುತ್ತಿದ್ದರು. ಈ ಬೀಸುವ ಪದಗಳು ನಮ್ಮ ಜನಪದ ಸಾಹಿತ್ಯದ ಅಮೂಲ್ಯ ಸಂಪತ್ತಾಗಿವೆ. ಬೀಸುಕಲ್ಲಿನಿಂದ ಬೀಸಿದ ಹಿಟ್ಟು ಆರೋಗ್ಯಕ್ಕೂ ಉತ್ತಮವಾಗಿತ್ತು ಎಂದು ಹಿರಿಯರು ಹೇಳುತ್ತಾರೆ. ಬೀಸುವ ಕೆಲಸದಿಂದ ಮಹಿಳೆಯರಿಗೆ ವ್ಯಾಯಾಮವೂ ಆಗುತ್ತಿತ್ತು. ಈ ಗಜ ಗಾತ್ರದ ಬೀಸುಕಲ್ಲನ್ನು ಸಂರಕ್ಷಿಸಿ ಪ್ರವಾಸಿ ತಾಣವನ್ನಾಗಿ ಅಭಿವೃದ್ಧಿ ಪಡಿಸಿದರೆ ತಾಳಿಕೋಟೆಯ ಇತಿಹಾಸ ಮತ್ತಷ್ಟು ಬೆಳಕಿಗೆ ಬರಲಿದೆ. ಸರ್ಕಾರ ಹಾಗೂ ಸಂಬಂಧಿಸಿದ ಇಲಾಖೆಗಳು ಈ ಬಗ್ಗೆ ಗಮನ ಹರಿಸಬೇಕೆಂದು ಸಾರ್ವಜನಿಕರು ಒತ್ತಾಯಿಸಿದ್ದಾರೆ. ಇಂತಹ ಐತಿಹಾಸಿಕ ವಸ್ತುಗಳು ನಮ್ಮ ಸಂಸ್ಕೃತಿಯ ಪ್ರತಿಬಿಂಬವಾಗಿದ್ದು ಅವುಗಳನ್ನು ಉಳಿಸಿ ಬೆಳೆಸುವುದು ನಮ್ಮೆಲ್ಲರ ಕರ್ತವ್ಯವಾಗಿದೆ.
ಬೀಸುಕಲ್ಲು ಹಿಂದಿನ ಕಾಲದ ಜನಜೀವನದ ಒಂದು ಭಾಗವಾಗಿತ್ತು. ಜನಪದರ ಶೈಲಿಯ ವಿವಿಧ ಹಾಡುಗಳೊಂದಿಗೆ ಹಾಸು ಹೊಕ್ಕಾಗಿದ್ದ ಬೀಸುಕಲ್ಲು ಇಂದು ನೆನಪು ಮಾತ್ರವಾಗಿ ಉಳಿದಿದೆ. ತಾಳಿಕೋಟೆಯ ಈ ಬೀಸುಕಲ್ಲು ಇತಿಹಾಸದ ಪುಟಗಳಲ್ಲಿ ವಿಶೇಷ ಸ್ಥಾನ ಪಡೆದಿದ್ದು ಇದರ ಬಗ್ಗೆ ಸಂಶೋಧನೆ ನಡೆಯಬೇಕಿದೆ. ಇಂತಹ ಅಪರೂಪದ ಬೀಸುಕಲ್ಲನ್ನು ನೋಡಿ ಸಂತೋಷಪಟ್ಟು ಅದರ ಇತಿಹಾಸವನ್ನು ತಿಳಿದುಕೊಳ್ಳುವುದು ಉತ್ತಮ. ಮಂದಿರದ ಅರ್ಚಕರು ಹೇಳುವಂತೆ ಪ್ರತಿ ವರ್ಷ ಜಾತ್ರೆಯ ಸಂದರ್ಭದಲ್ಲಿ ಈ ಬೀಸುಕಲ್ಲಿಗೆ ವಿಶೇಷ ಪೂಜೆ ಸಲ್ಲಿಸಲಾಗುತ್ತದೆ. ಗ್ರಾಮಸ್ಥರು ಈ ಕಲ್ಲನ್ನು ದೈವಸ್ವರೂಪಿಯಾಗಿ ಕಾಣುತ್ತಾರೆ. ಹಿರಿಯರ ಪ್ರಕಾರ ಈ ಕಲ್ಲು ನೂರಾರು ವರ್ಷಗಳಿಂದ ಇದೇ ಸ್ಥಳದಲ್ಲಿದ್ದು ಇದನ್ನು ಸ್ಥಳಾಂತರಿಸಲು ಯಾರೂ ಪ್ರಯತ್ನಿಸಿಲ್ಲ. ಇಂತಹ ಪರಂಪರೆಯ ಕುರುಹುಗಳನ್ನು ಸಂಗ್ರಹಾಲಯದಲ್ಲಿ ಇರಿಸಿ ಮುಂದಿನ ಪೀಳಿಗೆಗೆ ಪರಿಚಯಿಸುವ ಕಾರ್ಯ ಆಗಬೇಕಿದೆ. ಆಗ ಮಾತ್ರ ನಮ್ಮ ಪೂರ್ವಜರ ಶ್ರಮ ಹಾಗೂ ಜೀವನ ಪದ್ಧತಿಯ ಅರಿವು ಮುಂದಿನವರಿಗೆ ಆಗುತ್ತದೆ.
GSTIN : 29CZTPA4975Q1Z6	Mob : 8600139948 / 9449049894
ಖಂಡೋಬಾ ಪ್ಲೈವುಡ್ ಮತ್ತು ಹಾರ್ಡವೇರ್ ಸೆಂಟರ್
KHANDOOBA PLYWOOD & HARDWARE CENTER
WHOLESALE & RETAILS : PLYWOOD, HARDWARE, WODEN DOORS, PVC DOORS, ALUMINIUM GLASS LAMINATION
Lecturer Colony Road, Opp. Talwade Hospital BHALKI - 585 328	MAJCE
